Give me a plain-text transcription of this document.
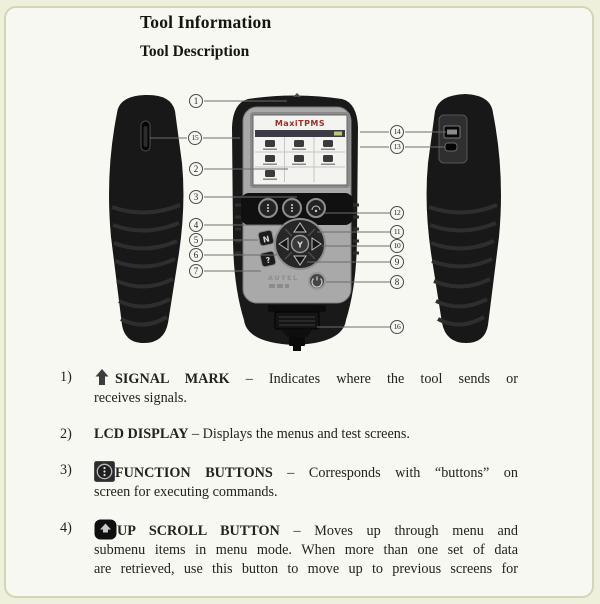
Tool Information
Tool Description
MaxiTPMS
N
?
Y
AUTEL
1
2
3
4
5
6
7
8
9
10
11
12
13
14
15
16
1)	SIGNAL MARK – Indicates where the tool sends or
receives signals.
2)	LCD DISPLAY – Displays the menus and test screens.
3)	FUNCTION BUTTONS – Corresponds with “buttons” on
screen for executing commands.
4)	UP SCROLL BUTTON – Moves up through menu and
submenu items in menu mode. When more than one set of data
are retrieved, use this button to move up to previous screens for
